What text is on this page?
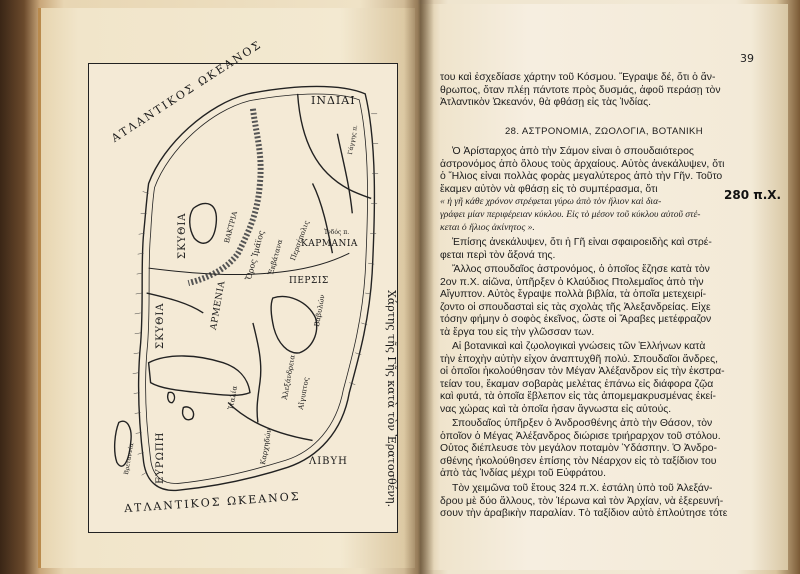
ΑΤΛΑΝΤΙΚΟΣ ΩΚΕΑΝΟΣ
ΑΤΛΑΝΤΙΚΟΣ ΩΚΕΑΝΟΣ
ΙΝΔΙΑΙ
ΣΚΥΘΙΑ
ΣΚΥΘΙΑ
ΕΥΡΩΠΗ	ΛΙΒΥΗ
ΑΡΜΕΝΙΑ
ΚΑΡΜΑΝΙΑ
ΠΕΡΣΙΣ
Περσέπολις
ΒΑΚΤΡΙΑ
Ὄρος Ἰμάϊος Ἐκβάτανα
Βαβυλών
Καρχηδών
Ἀλεξάνδρεια Αἴγυπτος
Ἰταλία
Βρεταννία
Ἰνδός π.
Γάγγης π.
Χάρτης τῆς Γῆς κατὰ τὸν Ἐρατοσθένη.
39
του καὶ ἐσχεδίασε χάρτην τοῦ Κόσμου. Ἔγραψε δέ, ὅτι ὁ ἄν-
θρωπος, ὅταν πλέῃ πάντοτε πρὸς δυσμάς, ἀφοῦ περάσῃ τὸν
Ἀτλαντικὸν Ὠκεανόν, θὰ φθάσῃ εἰς τὰς Ἰνδίας.
28. ΑΣΤΡΟΝΟΜΙΑ, ΖΩΟΛΟΓΙΑ, ΒΟΤΑΝΙΚΗ
Ὁ Ἀρίσταρχος ἀπὸ τὴν Σάμον εἶναι ὁ σπουδαιότερος
ἀστρονόμος ἀπὸ ὅλους τοὺς ἀρχαίους. Αὐτὸς ἀνεκάλυψεν, ὅτι
ὁ Ἥλιος εἶναι πολλὰς φορὰς μεγαλύτερος ἀπὸ τὴν Γῆν. Τοῦτο
ἔκαμεν αὐτὸν νὰ φθάσῃ εἰς τὸ συμπέρασμα, ὅτι
« ἡ γῆ κάθε χρόνον στρέφεται γύρω ἀπὸ τὸν ἥλιον καὶ δια-
γράφει μίαν περιφέρειαν κύκλου. Εἰς τὸ μέσον τοῦ κύκλου αὐτοῦ στέ-
κεται ὁ ἥλιος ἀκίνητος ».
280 π.Χ.
Ἐπίσης ἀνεκάλυψεν, ὅτι ἡ Γῆ εἶναι σφαιροειδὴς καὶ στρέ-
φεται περὶ τὸν ἄξονά της.
Ἄλλος σπουδαῖος ἀστρονόμος, ὁ ὁποῖος ἔζησε κατὰ τὸν
2ον π.Χ. αἰῶνα, ὑπῆρξεν ὁ Κλαύδιος Πτολεμαῖος ἀπὸ τὴν
Αἴγυπτον. Αὐτὸς ἔγραψε πολλὰ βιβλία, τὰ ὁποῖα μετεχειρί-
ζοντο οἱ σπουδασταὶ εἰς τὰς σχολὰς τῆς Ἀλεξανδρείας. Εἶχε
τόσην φήμην ὁ σοφὸς ἐκεῖνος, ὥστε οἱ Ἄραβες μετέφραζον
τὰ ἔργα του εἰς τὴν γλῶσσαν των.
Αἱ βοτανικαὶ καὶ ζῳολογικαὶ γνώσεις τῶν Ἑλλήνων κατὰ
τὴν ἐποχὴν αὐτὴν εἶχον ἀναπτυχθῆ πολύ. Σπουδαῖοι ἄνδρες,
οἱ ὁποῖοι ἠκολούθησαν τὸν Μέγαν Ἀλέξανδρον εἰς τὴν ἐκστρα-
τείαν του, ἔκαμαν σοβαρὰς μελέτας ἐπάνω εἰς διάφορα ζῷα
καὶ φυτά, τὰ ὁποῖα ἔβλεπον εἰς τὰς ἀπομεμακρυσμένας ἐκεί-
νας χώρας καὶ τὰ ὁποῖα ἦσαν ἄγνωστα εἰς αὐτούς.
Σπουδαῖος ὑπῆρξεν ὁ Ἀνδροσθένης ἀπὸ τὴν Θάσον, τὸν
ὁποῖον ὁ Μέγας Ἀλέξανδρος διώρισε τριήραρχον τοῦ στόλου.
Οὗτος διέπλευσε τὸν μεγάλον ποταμὸν Ὑδάσπην. Ὁ Ἀνδρο-
σθένης ἠκολούθησεν ἐπίσης τὸν Νέαρχον εἰς τὸ ταξίδιον του
ἀπὸ τὰς Ἰνδίας μέχρι τοῦ Εὐφράτου.
Τὸν χειμῶνα τοῦ ἔτους 324 π.Χ. ἐστάλη ὑπὸ τοῦ Ἀλεξάν-
δρου μὲ δύο ἄλλους, τὸν Ἱέρωνα καὶ τὸν Ἀρχίαν, νὰ ἐξερευνή-
σουν τὴν ἀραβικὴν παραλίαν. Τὸ ταξίδιον αὐτὸ ἐπλούτησε τότε
